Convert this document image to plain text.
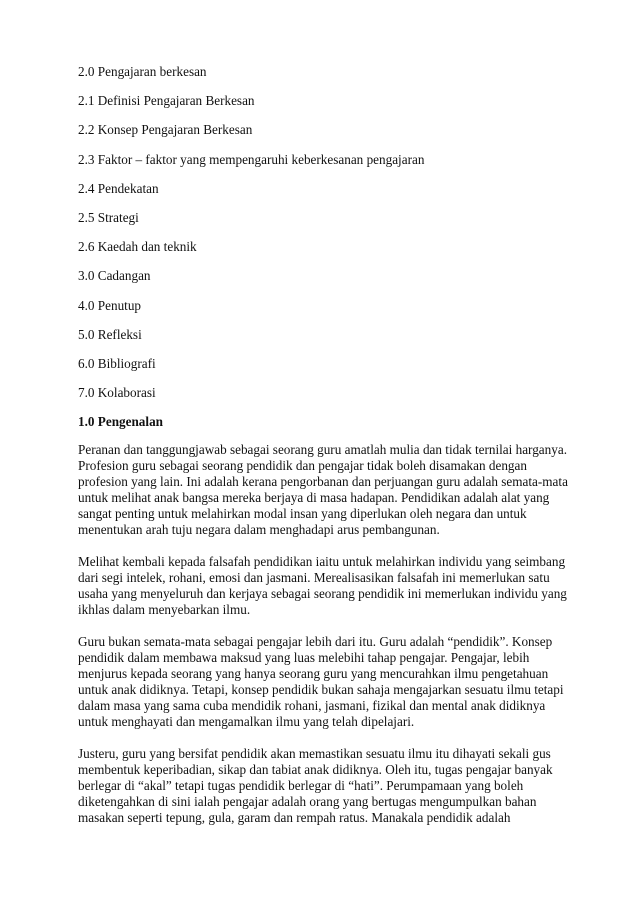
2.0 Pengajaran berkesan
2.1 Definisi Pengajaran Berkesan
2.2 Konsep Pengajaran Berkesan
2.3 Faktor – faktor yang mempengaruhi keberkesanan pengajaran
2.4 Pendekatan
2.5 Strategi
2.6 Kaedah dan teknik
3.0 Cadangan
4.0 Penutup
5.0 Refleksi
6.0 Bibliografi
7.0 Kolaborasi
1.0 Pengenalan
Peranan dan tanggungjawab sebagai seorang guru amatlah mulia dan tidak ternilai harganya.
Profesion guru sebagai seorang pendidik dan pengajar tidak boleh disamakan dengan
profesion yang lain. Ini adalah kerana pengorbanan dan perjuangan guru adalah semata-mata
untuk melihat anak bangsa mereka berjaya di masa hadapan. Pendidikan adalah alat yang
sangat penting untuk melahirkan modal insan yang diperlukan oleh negara dan untuk
menentukan arah tuju negara dalam menghadapi arus pembangunan.
Melihat kembali kepada falsafah pendidikan iaitu untuk melahirkan individu yang seimbang
dari segi intelek, rohani, emosi dan jasmani. Merealisasikan falsafah ini memerlukan satu
usaha yang menyeluruh dan kerjaya sebagai seorang pendidik ini memerlukan individu yang
ikhlas dalam menyebarkan ilmu.
Guru bukan semata-mata sebagai pengajar lebih dari itu. Guru adalah “pendidik”. Konsep
pendidik dalam membawa maksud yang luas melebihi tahap pengajar. Pengajar, lebih
menjurus kepada seorang yang hanya seorang guru yang mencurahkan ilmu pengetahuan
untuk anak didiknya. Tetapi, konsep pendidik bukan sahaja mengajarkan sesuatu ilmu tetapi
dalam masa yang sama cuba mendidik rohani, jasmani, fizikal dan mental anak didiknya
untuk menghayati dan mengamalkan ilmu yang telah dipelajari.
Justeru, guru yang bersifat pendidik akan memastikan sesuatu ilmu itu dihayati sekali gus
membentuk keperibadian, sikap dan tabiat anak didiknya. Oleh itu, tugas pengajar banyak
berlegar di “akal” tetapi tugas pendidik berlegar di “hati”. Perumpamaan yang boleh
diketengahkan di sini ialah pengajar adalah orang yang bertugas mengumpulkan bahan
masakan seperti tepung, gula, garam dan rempah ratus. Manakala pendidik adalah
